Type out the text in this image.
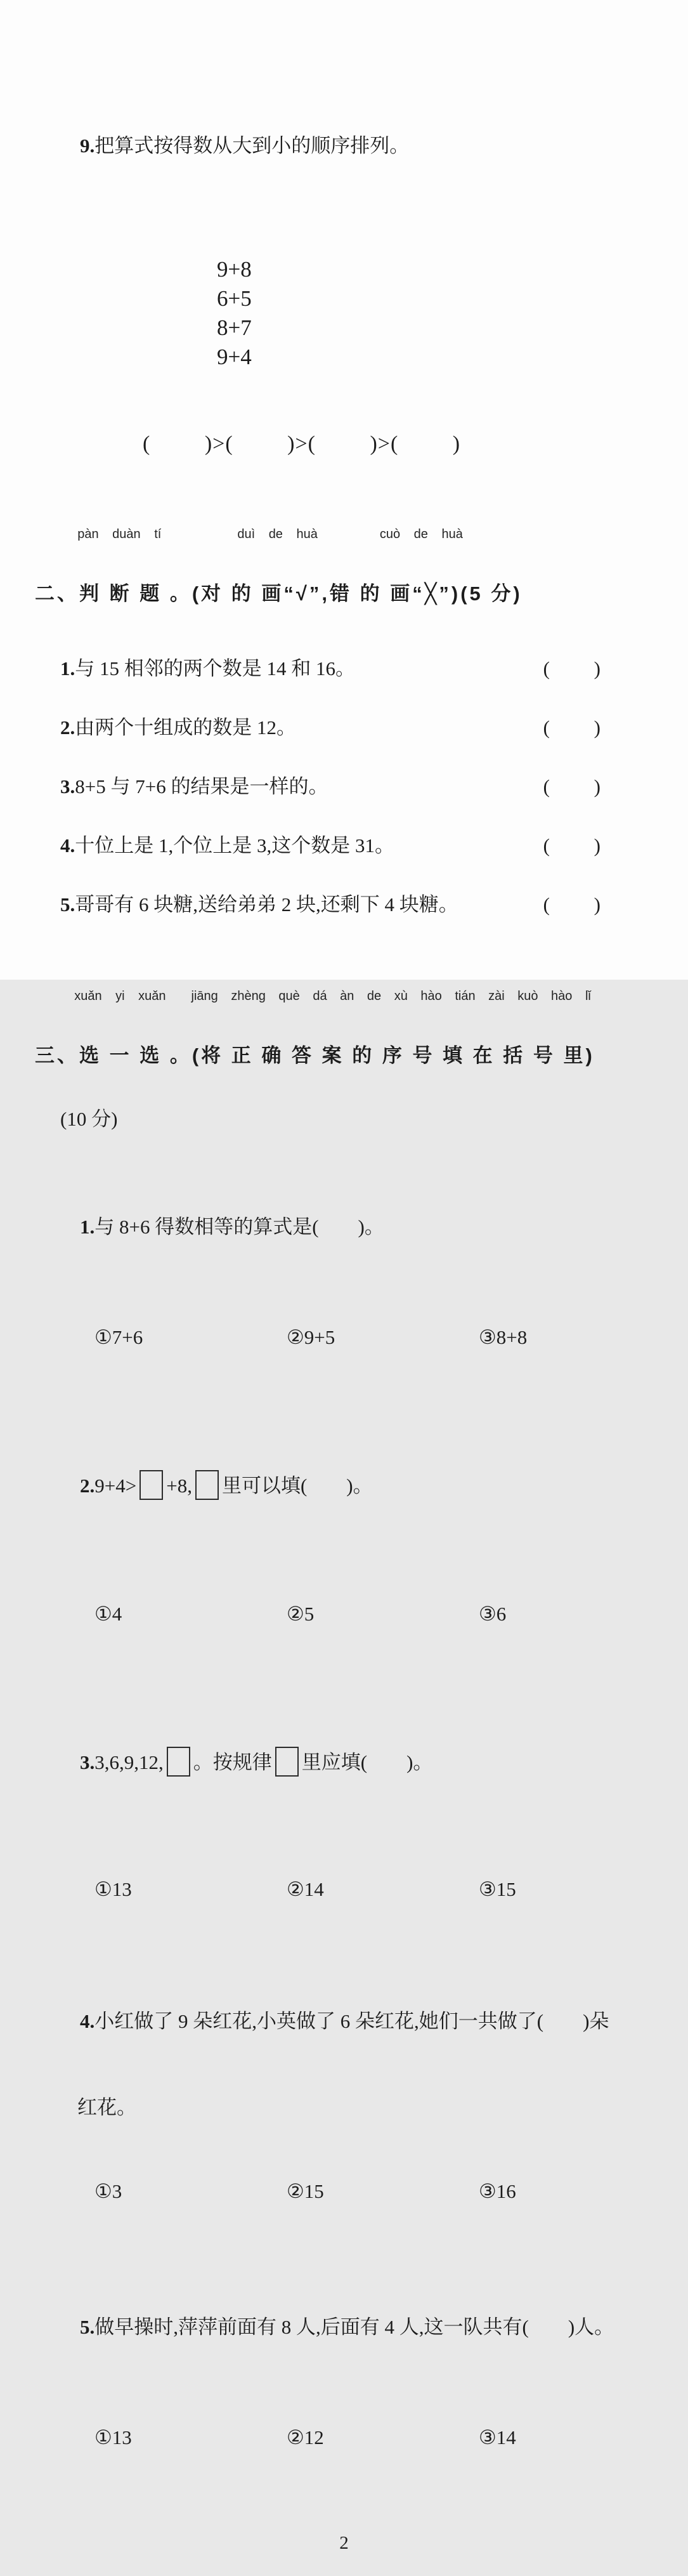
9.把算式按得数从大到小的顺序排列。

9+8
6+5
8+7
9+4

(         )>(         )>(         )>(         )

pàn duàn tí	duì de huà	cuò de huà

二、判 断 题 。(对 的 画“√”,错 的 画“╳”)(5 分)

1.与 15 相邻的两个数是 14 和 16。	(         )

2.由两个十组成的数是 12。	(         )

3.8+5 与 7+6 的结果是一样的。	(         )

4.十位上是 1,个位上是 3,这个数是 31。	(         )

5.哥哥有 6 块糖,送给弟弟 2 块,还剩下 4 块糖。	(         )

xuǎn yi xuǎn jiāng zhèng què dá àn de xù hào tián zài kuò hào lǐ

三、选 一 选 。(将 正 确 答 案 的 序 号 填 在 括 号 里)

(10 分)

1.与 8+6 得数相等的算式是(        )。

①7+6	②9+5	③8+8

2.9+4> +8, 里可以填(        )。

①4	②5	③6

3.3,6,9,12, 。按规律 里应填(        )。

①13	②14	③15

4.小红做了 9 朵红花,小英做了 6 朵红花,她们一共做了(        )朵

红花。

①3	②15	③16

5.做早操时,萍萍前面有 8 人,后面有 4 人,这一队共有(        )人。

①13	②12	③14

2
